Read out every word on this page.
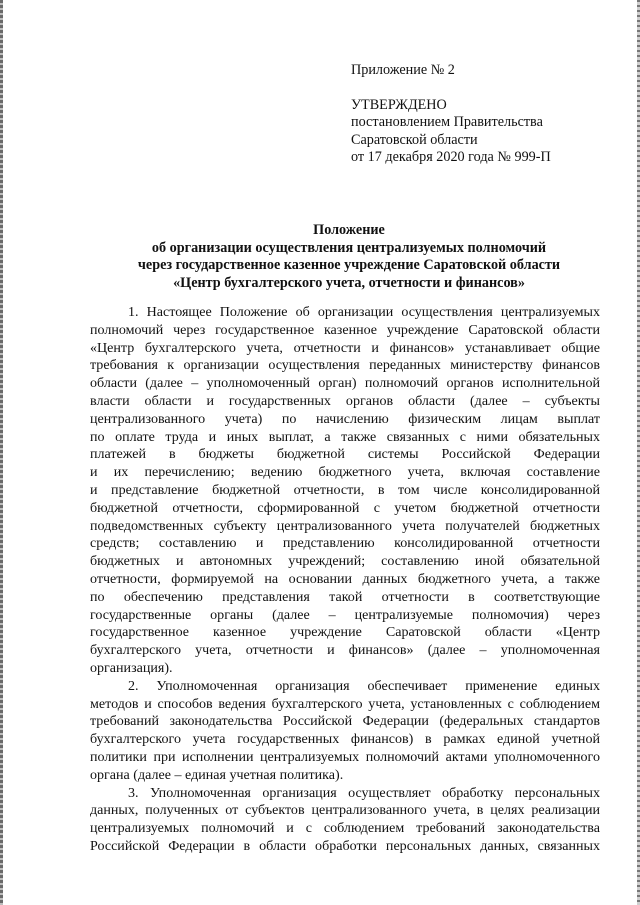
Приложение № 2
УТВЕРЖДЕНО
постановлением Правительства
Саратовской области
от 17 декабря 2020 года № 999-П
Положение
об организации осуществления централизуемых полномочий
через государственное казенное учреждение Саратовской области
«Центр бухгалтерского учета, отчетности и финансов»

1. Настоящее Положение об организации осуществления централизуемых
полномочий через государственное казенное учреждение Саратовской области
«Центр бухгалтерского учета, отчетности и финансов» устанавливает общие
требования к организации осуществления переданных министерству финансов
области (далее – уполномоченный орган) полномочий органов исполнительной
власти области и государственных органов области (далее – субъекты
централизованного учета) по начислению физическим лицам выплат
по оплате труда и иных выплат, а также связанных с ними обязательных
платежей в бюджеты бюджетной системы Российской Федерации
и их перечислению; ведению бюджетного учета, включая составление
и представление бюджетной отчетности, в том числе консолидированной
бюджетной отчетности, сформированной с учетом бюджетной отчетности
подведомственных субъекту централизованного учета получателей бюджетных
средств; составлению и представлению консолидированной отчетности
бюджетных и автономных учреждений; составлению иной обязательной
отчетности, формируемой на основании данных бюджетного учета, а также
по обеспечению представления такой отчетности в соответствующие
государственные органы (далее – централизуемые полномочия) через
государственное казенное учреждение Саратовской области «Центр
бухгалтерского учета, отчетности и финансов» (далее – уполномоченная
организация).

2. Уполномоченная организация обеспечивает применение единых
методов и способов ведения бухгалтерского учета, установленных с соблюдением
требований законодательства Российской Федерации (федеральных стандартов
бухгалтерского учета государственных финансов) в рамках единой учетной
политики при исполнении централизуемых полномочий актами уполномоченного
органа (далее – единая учетная политика).

3. Уполномоченная организация осуществляет обработку персональных
данных, полученных от субъектов централизованного учета, в целях реализации
централизуемых полномочий и с соблюдением требований законодательства
Российской Федерации в области обработки персональных данных, связанных
